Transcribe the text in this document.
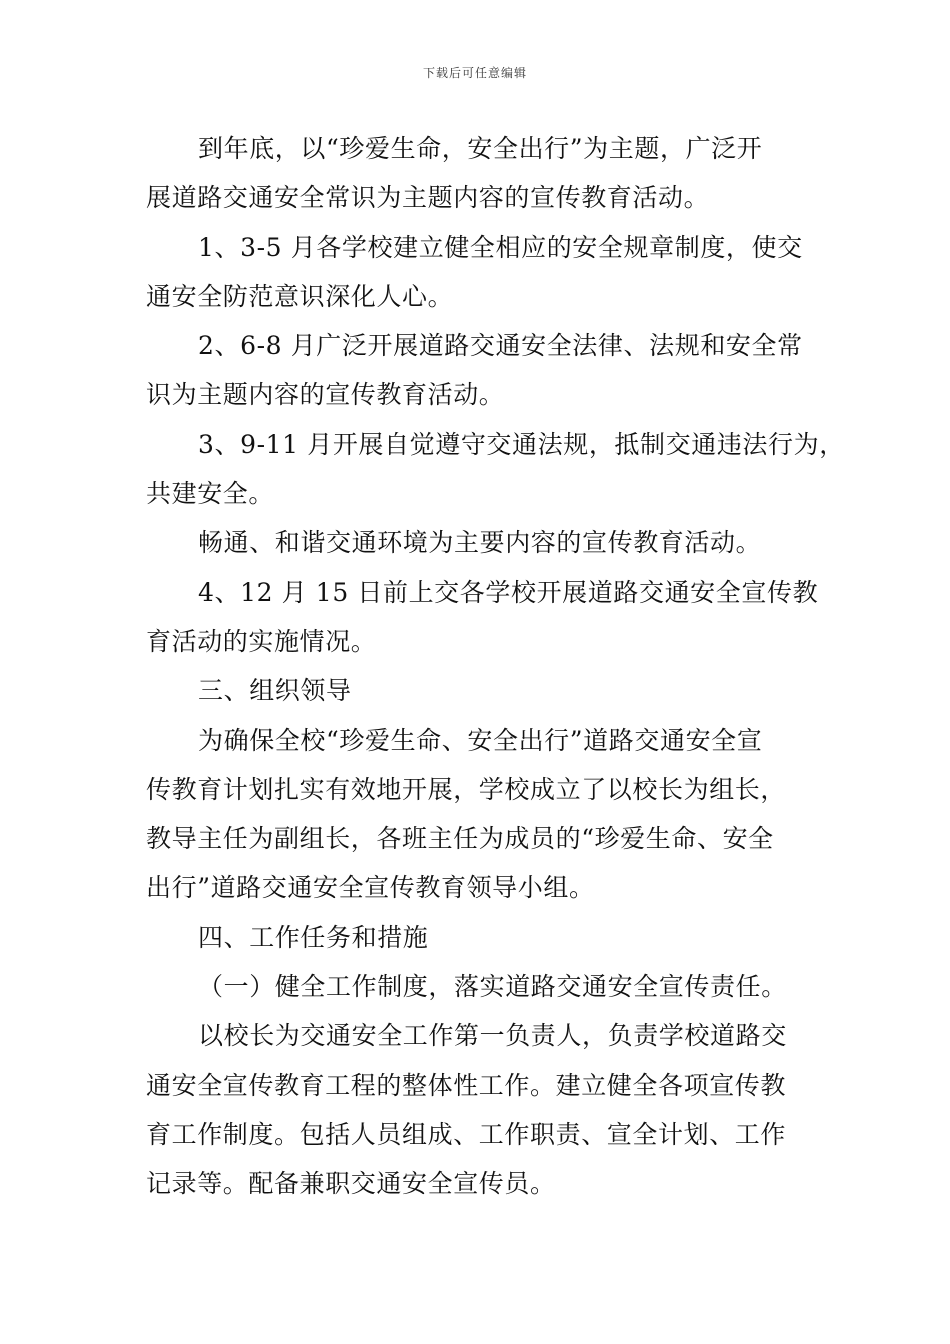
下载后可任意编辑
到年底，以“珍爱生命，安全出行”为主题，广泛开
展道路交通安全常识为主题内容的宣传教育活动。
1、3-5 月各学校建立健全相应的安全规章制度，使交
通安全防范意识深化人心。
2、6-8 月广泛开展道路交通安全法律、法规和安全常
识为主题内容的宣传教育活动。
3、9-11 月开展自觉遵守交通法规，抵制交通违法行为，
共建安全。
畅通、和谐交通环境为主要内容的宣传教育活动。
4、12 月 15 日前上交各学校开展道路交通安全宣传教
育活动的实施情况。
三、组织领导
为确保全校“珍爱生命、安全出行”道路交通安全宣
传教育计划扎实有效地开展，学校成立了以校长为组长，
教导主任为副组长，各班主任为成员的“珍爱生命、安全
出行”道路交通安全宣传教育领导小组。
四、工作任务和措施
（一）健全工作制度，落实道路交通安全宣传责任。
以校长为交通安全工作第一负责人，负责学校道路交
通安全宣传教育工程的整体性工作。建立健全各项宣传教
育工作制度。包括人员组成、工作职责、宣全计划、工作
记录等。配备兼职交通安全宣传员。
